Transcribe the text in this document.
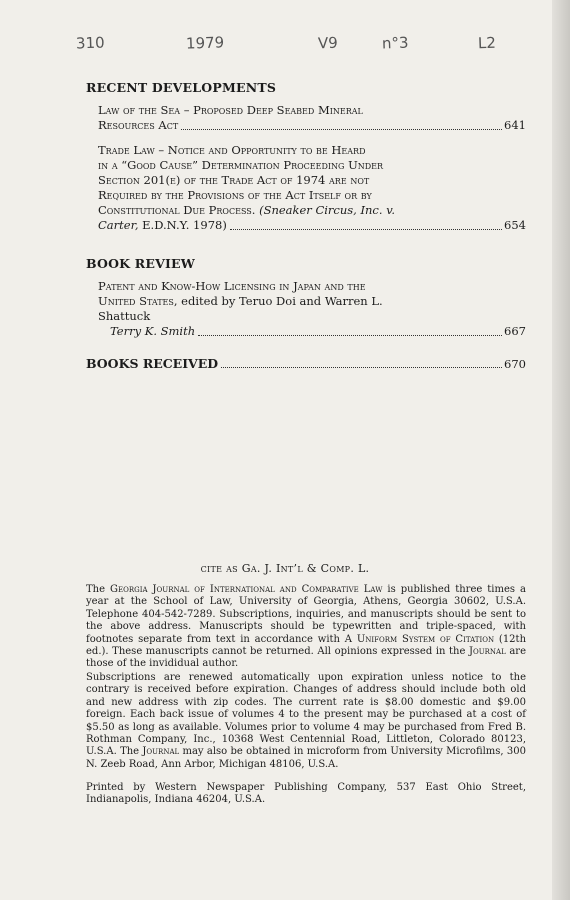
310	1979	V9	n°3	L2
RECENT DEVELOPMENTS
Law of the Sea – Proposed Deep Seabed Mineral
Resources Act	641
Trade Law – Notice and Opportunity to be Heard
in a “Good Cause” Determination Proceeding Under
Section 201(e) of the Trade Act of 1974 are not
Required by the Provisions of the Act Itself or by
Constitutional Due Process. (Sneaker Circus, Inc. v.
Carter, E.D.N.Y. 1978)	654
BOOK REVIEW
Patent and Know-How Licensing in Japan and the
United States, edited by Teruo Doi and Warren L.
Shattuck
Terry K. Smith	667
BOOKS RECEIVED	670
cite as Ga. J. Int’l & Comp. L.

The Georgia Journal of International and Comparative Law is published three times a year at the School of Law, University of Georgia, Athens, Georgia 30602, U.S.A. Telephone 404-542-7289. Subscriptions, inquiries, and manuscripts should be sent to the above address. Manuscripts should be typewritten and triple-spaced, with footnotes separate from text in accordance with A Uniform System of Citation (12th ed.). These manuscripts cannot be returned. All opinions expressed in the Journal are those of the invididual author.

Subscriptions are renewed automatically upon expiration unless notice to the contrary is received before expiration. Changes of address should include both old and new address with zip codes. The current rate is $8.00 domestic and $9.00 foreign. Each back issue of volumes 4 to the present may be purchased at a cost of $5.50 as long as available. Volumes prior to volume 4 may be purchased from Fred B. Rothman Company, Inc., 10368 West Centennial Road, Littleton, Colorado 80123, U.S.A. The Journal may also be obtained in microform from University Microfilms, 300 N. Zeeb Road, Ann Arbor, Michigan 48106, U.S.A.

Printed by Western Newspaper Publishing Company, 537 East Ohio Street, Indianapolis, Indiana 46204, U.S.A.
